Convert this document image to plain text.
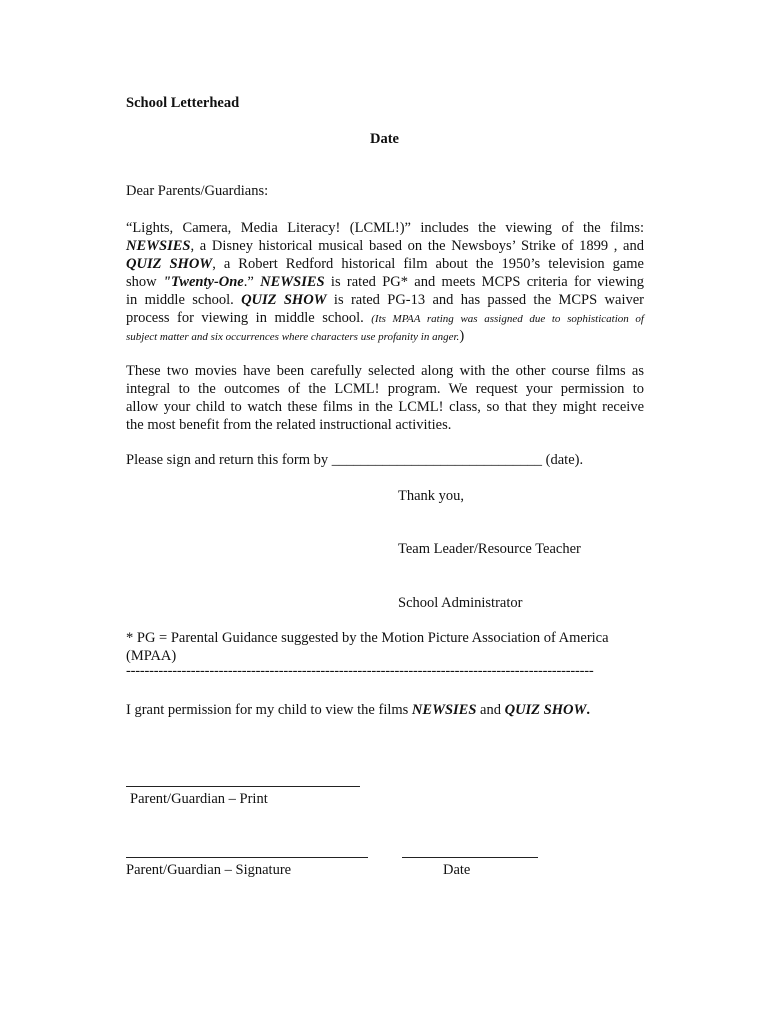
School Letterhead
Date
Dear Parents/Guardians:
“Lights, Camera, Media Literacy! (LCML!)” includes the viewing of the films:
NEWSIES, a Disney historical musical based on the Newsboys’ Strike of 1899 , and
QUIZ SHOW, a Robert Redford historical film about the 1950’s television game
show "Twenty-One.” NEWSIES is rated PG* and meets MCPS criteria for viewing
in middle school. QUIZ SHOW is rated PG-13 and has passed the MCPS waiver
process for viewing in middle school. (Its MPAA rating was assigned due to sophistication of
subject matter and six occurrences where characters use profanity in anger.)
These two movies have been carefully selected along with the other course films as
integral to the outcomes of the LCML! program. We request your permission to
allow your child to watch these films in the LCML! class, so that they might receive
the most benefit from the related instructional activities.
Please sign and return this form by _____________________________ (date).
Thank you,
Team Leader/Resource Teacher
School Administrator
* PG = Parental Guidance suggested by the Motion Picture Association of America
(MPAA)
-----------------------------------------------------------------------------------------------------
I grant permission for my child to view the films NEWSIES and QUIZ SHOW.
Parent/Guardian – Print
Parent/Guardian – Signature	Date
